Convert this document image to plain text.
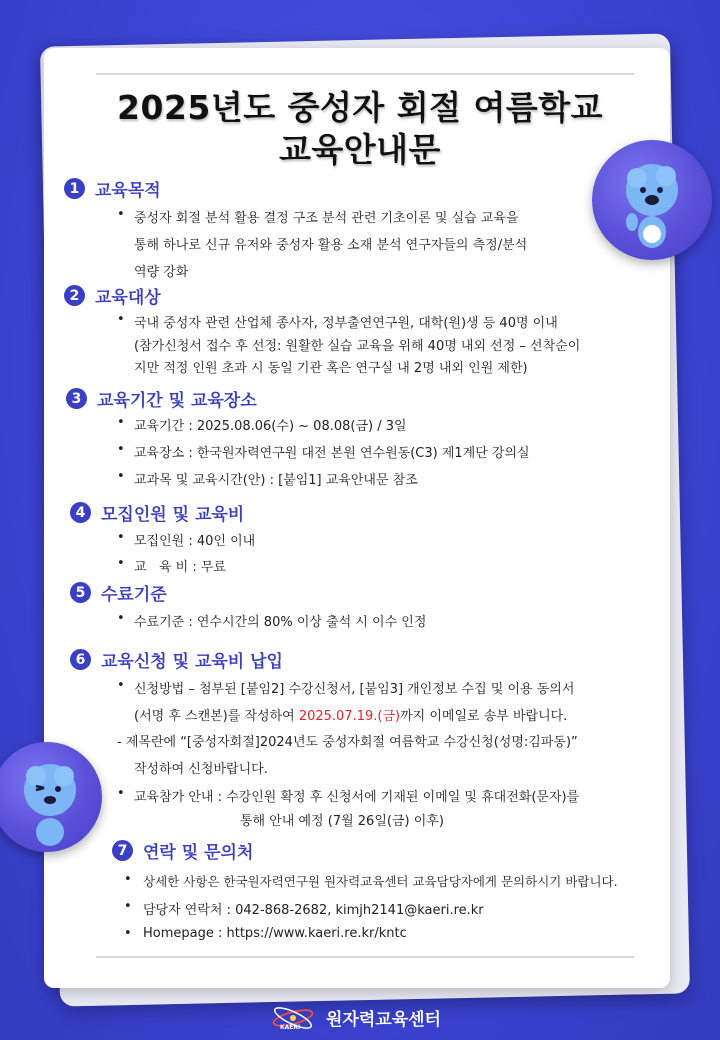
2025년도 중성자 회절 여름학교
교육안내문
1 교육목적
• 중성자 회절 분석 활용 결정 구조 분석 관련 기초이론 및 실습 교육을
통해 하나로 신규 유저와 중성자 활용 소재 분석 연구자들의 측정/분석
역량 강화
2 교육대상
• 국내 중성자 관련 산업체 종사자, 정부출연연구원, 대학(원)생 등 40명 이내
(참가신청서 접수 후 선정: 원활한 실습 교육을 위해 40명 내외 선정 – 선착순이
지만 적정 인원 초과 시 동일 기관 혹은 연구실 내 2명 내외 인원 제한)
3 교육기간 및 교육장소
• 교육기간 : 2025.08.06(수) ~ 08.08(금) / 3일
• 교육장소 : 한국원자력연구원 대전 본원 연수원동(C3) 제1계단 강의실
• 교과목 및 교육시간(안) : [붙임1] 교육안내문 참조
4 모집인원 및 교육비
• 모집인원 : 40인 이내
• 교   육 비 : 무료
5 수료기준
• 수료기준 : 연수시간의 80% 이상 출석 시 이수 인정
6 교육신청 및 교육비 납입
• 신청방법 – 첨부된 [붙임2] 수강신청서, [붙임3] 개인정보 수집 및 이용 동의서
(서명 후 스캔본)를 작성하여 2025.07.19.(금)까지 이메일로 송부 바랍니다.
- 제목란에 “[중성자회절]2024년도 중성자회절 여름학교 수강신청(성명:김파동)”
작성하여 신청바랍니다.
• 교육참가 안내 : 수강인원 확정 후 신청서에 기재된 이메일 및 휴대전화(문자)를
통해 안내 예정 (7월 26일(금) 이후)
7 연락 및 문의처
• 상세한 사항은 한국원자력연구원 원자력교육센터 교육담당자에게 문의하시기 바랍니다.
• 담당자 연락처 : 042-868-2682, kimjh2141@kaeri.re.kr
• Homepage : https://www.kaeri.re.kr/kntc
KAERI 원자력교육센터
